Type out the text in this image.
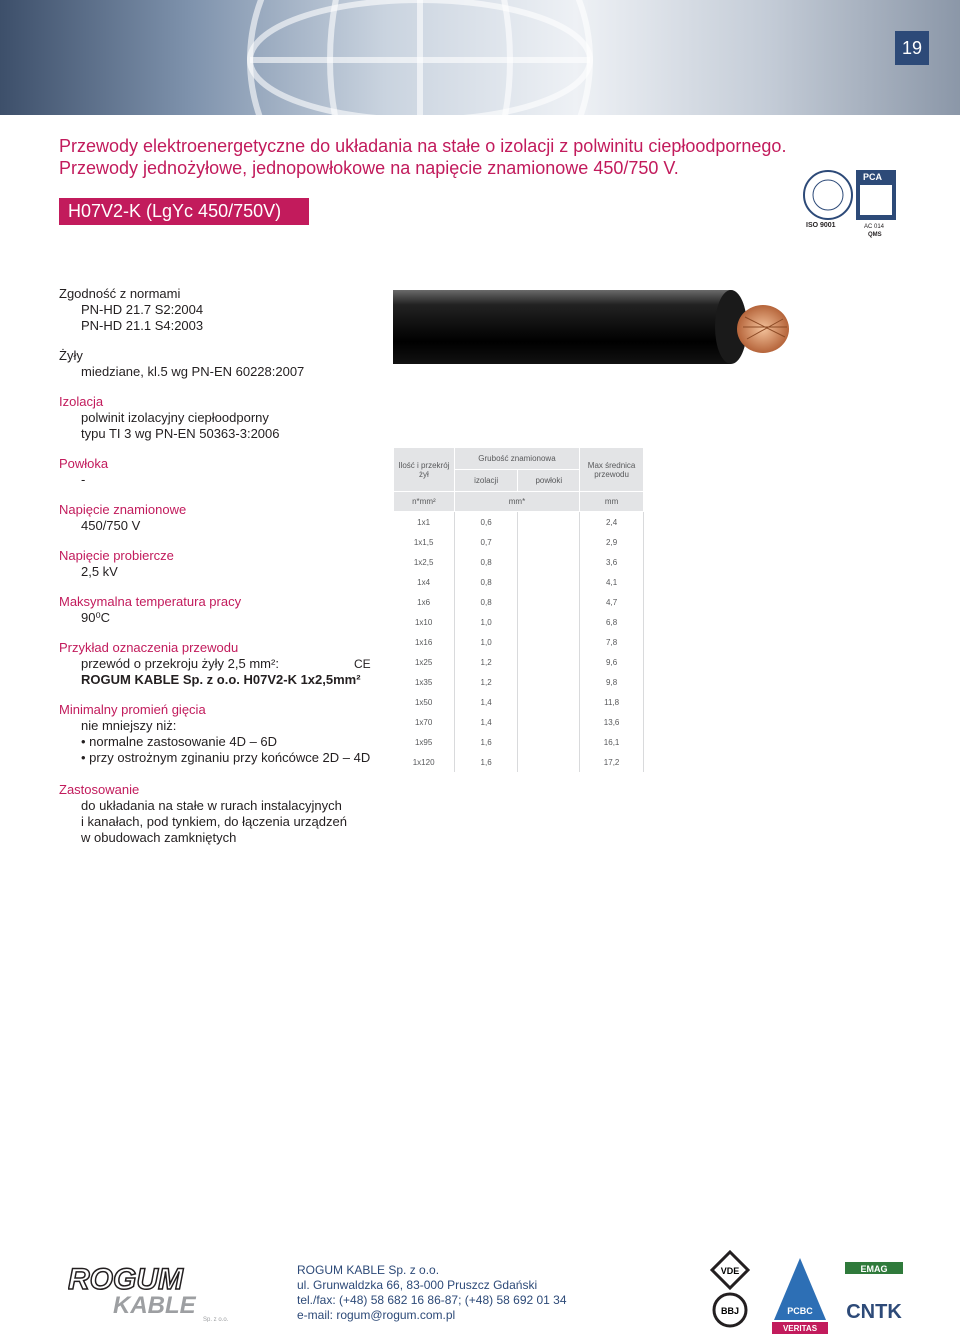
19
Przewody elektroenergetyczne do układania na stałe o izolacji z polwinitu ciepłoodpornego.
Przewody jednożyłowe, jednopowłokowe na napięcie znamionowe 450/750 V.
H07V2-K (LgYc 450/750V)
ISO 9001
PCA
AC 014
QMS
Zgodność z normami
PN-HD 21.7 S2:2004
PN-HD 21.1 S4:2003
Żyły
miedziane, kl.5 wg PN-EN 60228:2007
Izolacja
polwinit izolacyjny ciepłoodporny
typu TI 3 wg PN-EN 50363-3:2006
Powłoka
-
Napięcie znamionowe
450/750 V
Napięcie probiercze
2,5 kV
Maksymalna temperatura pracy
90⁰C
Przykład oznaczenia przewodu
przewód o przekroju żyły 2,5 mm²:	CE
ROGUM KABLE Sp. z o.o. H07V2-K 1x2,5mm²
Minimalny promień gięcia
nie mniejszy niż:
• normalne zastosowanie 4D – 6D
• przy ostrożnym zginaniu przy końcówce 2D – 4D
Zastosowanie
do układania na stałe w rurach instalacyjnych
i kanałach, pod tynkiem, do łączenia urządzeń
w obudowach zamkniętych
Ilość i przekrój żył	Grubość znamionowa		Max średnica przewodu
	izolacji	powłoki	
n*mm²	mm*		mm
1x1	0,6		2,4
1x1,5	0,7		2,9
1x2,5	0,8		3,6
1x4	0,8		4,1
1x6	0,8		4,7
1x10	1,0		6,8
1x16	1,0		7,8
1x25	1,2		9,6
1x35	1,2		9,8
1x50	1,4		11,8
1x70	1,4		13,6
1x95	1,6		16,1
1x120	1,6		17,2
ROGUM
KABLE
Sp. z o.o.
ROGUM KABLE Sp. z o.o.
ul. Grunwaldzka 66, 83-000 Pruszcz Gdański
tel./fax: (+48) 58 682 16 86-87; (+48) 58 692 01 34
e-mail: rogum@rogum.com.pl
VDE
BBJ	PCBC
VERITAS
EMAG
CNTK
